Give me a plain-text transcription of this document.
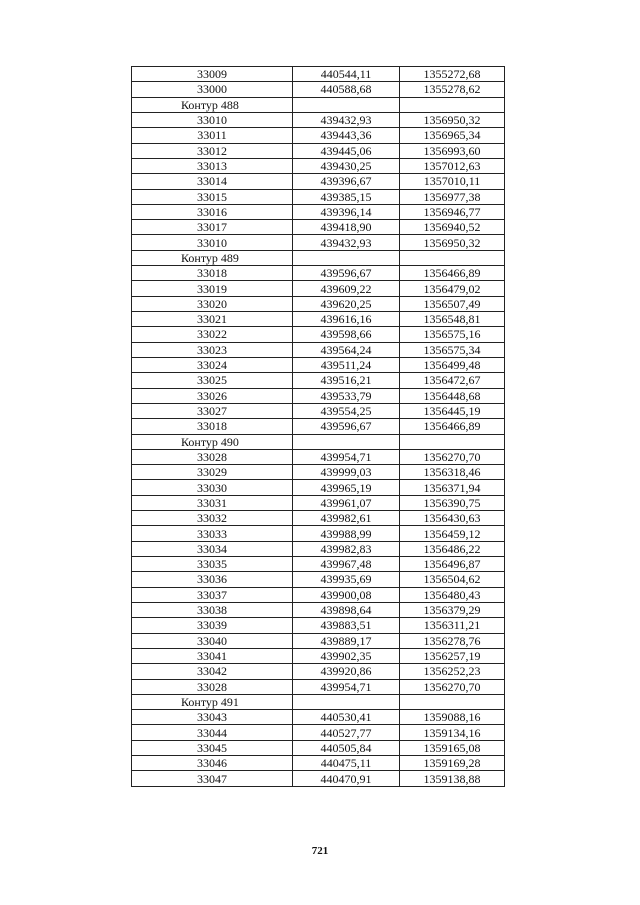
33009	440544,11	1355272,68
33000	440588,68	1355278,62
Контур 488		
33010	439432,93	1356950,32
33011	439443,36	1356965,34
33012	439445,06	1356993,60
33013	439430,25	1357012,63
33014	439396,67	1357010,11
33015	439385,15	1356977,38
33016	439396,14	1356946,77
33017	439418,90	1356940,52
33010	439432,93	1356950,32
Контур 489		
33018	439596,67	1356466,89
33019	439609,22	1356479,02
33020	439620,25	1356507,49
33021	439616,16	1356548,81
33022	439598,66	1356575,16
33023	439564,24	1356575,34
33024	439511,24	1356499,48
33025	439516,21	1356472,67
33026	439533,79	1356448,68
33027	439554,25	1356445,19
33018	439596,67	1356466,89
Контур 490		
33028	439954,71	1356270,70
33029	439999,03	1356318,46
33030	439965,19	1356371,94
33031	439961,07	1356390,75
33032	439982,61	1356430,63
33033	439988,99	1356459,12
33034	439982,83	1356486,22
33035	439967,48	1356496,87
33036	439935,69	1356504,62
33037	439900,08	1356480,43
33038	439898,64	1356379,29
33039	439883,51	1356311,21
33040	439889,17	1356278,76
33041	439902,35	1356257,19
33042	439920,86	1356252,23
33028	439954,71	1356270,70
Контур 491		
33043	440530,41	1359088,16
33044	440527,77	1359134,16
33045	440505,84	1359165,08
33046	440475,11	1359169,28
33047	440470,91	1359138,88
721
